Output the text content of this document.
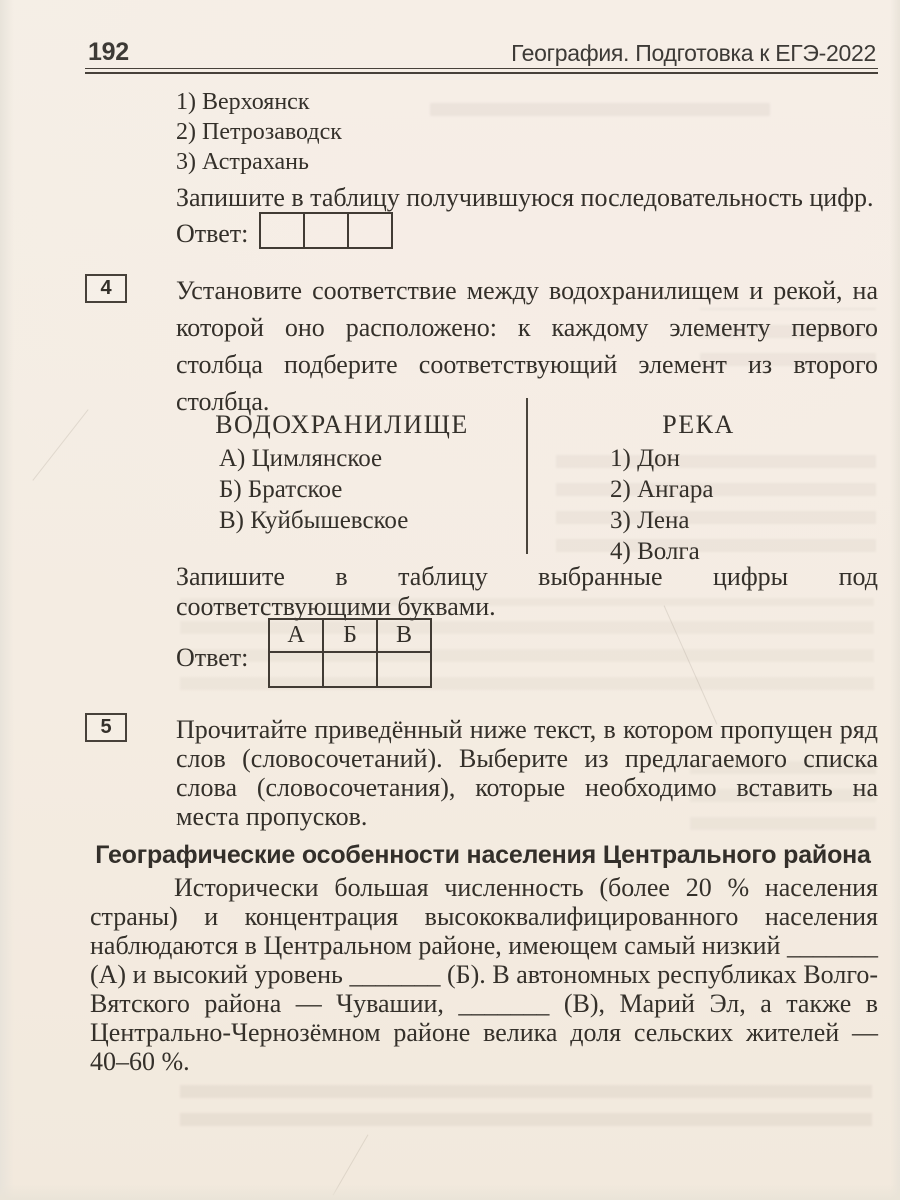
192	География. Подготовка к ЕГЭ-2022
1) Верхоянск
2) Петрозаводск
3) Астрахань
Запишите в таблицу получившуюся последовательность цифр.
Ответ:

4 Установите соответствие между водохранилищем и рекой, на которой оно расположено: к каждому элементу первого столбца подберите соответствующий элемент из второго столбца.
ВОДОХРАНИЛИЩЕ	РЕКА
А) Цимлянское
Б) Братское
В) Куйбышевское
1) Дон
2) Ангара
3) Лена
4) Волга
Запишите в таблицу выбранные цифры под соответствующими буквами.
Ответ:
А	Б	В

5 Прочитайте приведённый ниже текст, в котором пропущен ряд слов (словосочетаний). Выберите из предлагаемого списка слова (словосочетания), которые необходимо вставить на места пропусков.
Географические особенности населения Центрального района
Исторически большая численность (более 20 % населения страны) и концентрация высококвалифицированного населения наблюдаются в Центральном районе, имеющем самый низкий _______ (А) и высокий уровень _______ (Б). В автономных республиках Волго-Вятского района — Чувашии, _______ (В), Марий Эл, а также в Центрально-Чернозёмном районе велика доля сельских жителей — 40–60 %.
